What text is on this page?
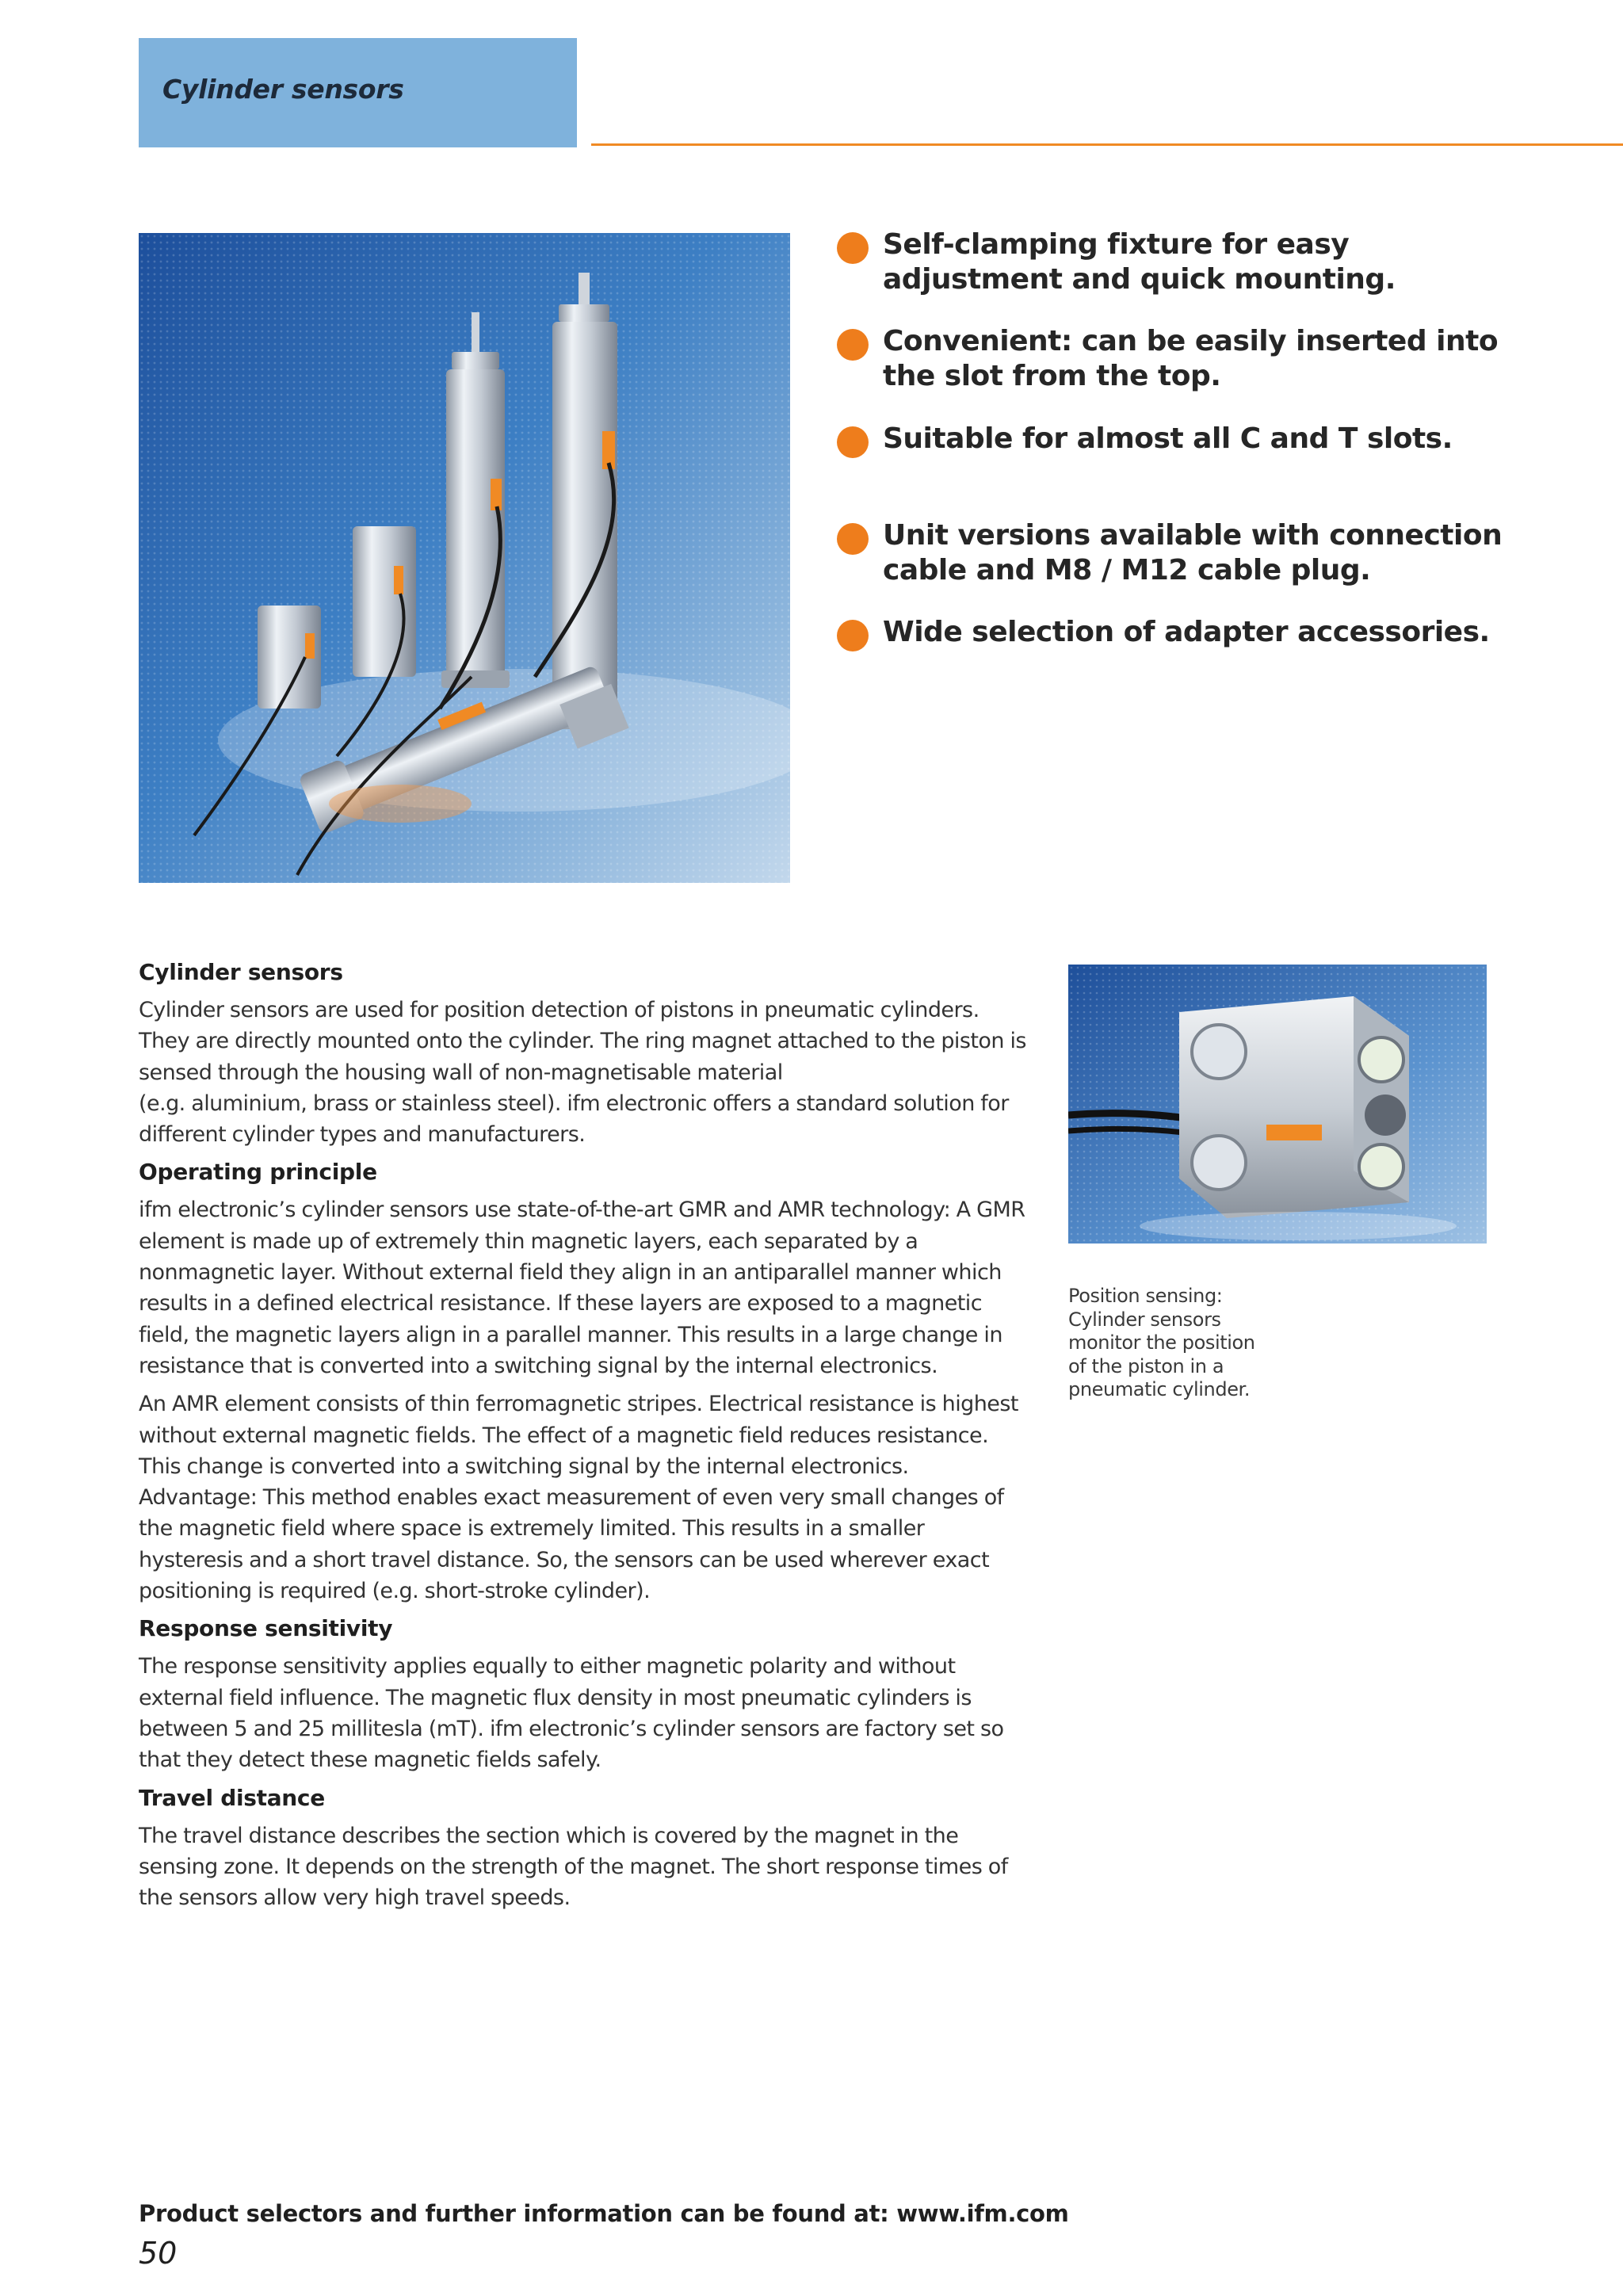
Cylinder sensors
Self-clamping fixture for easy adjustment and quick mounting.
Convenient: can be easily inserted into the slot from the top.
Suitable for almost all C and T slots.
Unit versions available with connection cable and M8 / M12 cable plug.
Wide selection of adapter accessories.
Cylinder sensors

Cylinder sensors are used for position detection of pistons in pneumatic cylinders. They are directly mounted onto the cylinder. The ring magnet attached to the piston is sensed through the housing wall of non-magnetisable material
(e.g. aluminium, brass or stainless steel). ifm electronic offers a standard solution for different cylinder types and manufacturers.

Operating principle

ifm electronic’s cylinder sensors use state-of-the-art GMR and AMR technology: A GMR element is made up of extremely thin magnetic layers, each separated by a nonmagnetic layer. Without external field they align in an antiparallel manner which results in a defined electrical resistance. If these layers are exposed to a magnetic field, the magnetic layers align in a parallel manner. This results in a large change in resistance that is converted into a switching signal by the internal electronics.

An AMR element consists of thin ferromagnetic stripes. Electrical resistance is highest without external magnetic fields. The effect of a magnetic field reduces resistance. This change is converted into a switching signal by the internal electronics. Advantage: This method enables exact measurement of even very small changes of the magnetic field where space is extremely limited. This results in a smaller hysteresis and a short travel distance. So, the sensors can be used wherever exact positioning is required (e.g. short-stroke cylinder).

Response sensitivity

The response sensitivity applies equally to either magnetic polarity and without external field influence. The magnetic flux density in most pneumatic cylinders is between 5 and 25 millitesla (mT). ifm electronic’s cylinder sensors are factory set so that they detect these magnetic fields safely.

Travel distance

The travel distance describes the section which is covered by the magnet in the sensing zone. It depends on the strength of the magnet. The short response times of the sensors allow very high travel speeds.

Position sensing:
Cylinder sensors
monitor the position
of the piston in a
pneumatic cylinder.
Product selectors and further information can be found at: www.ifm.com
50
